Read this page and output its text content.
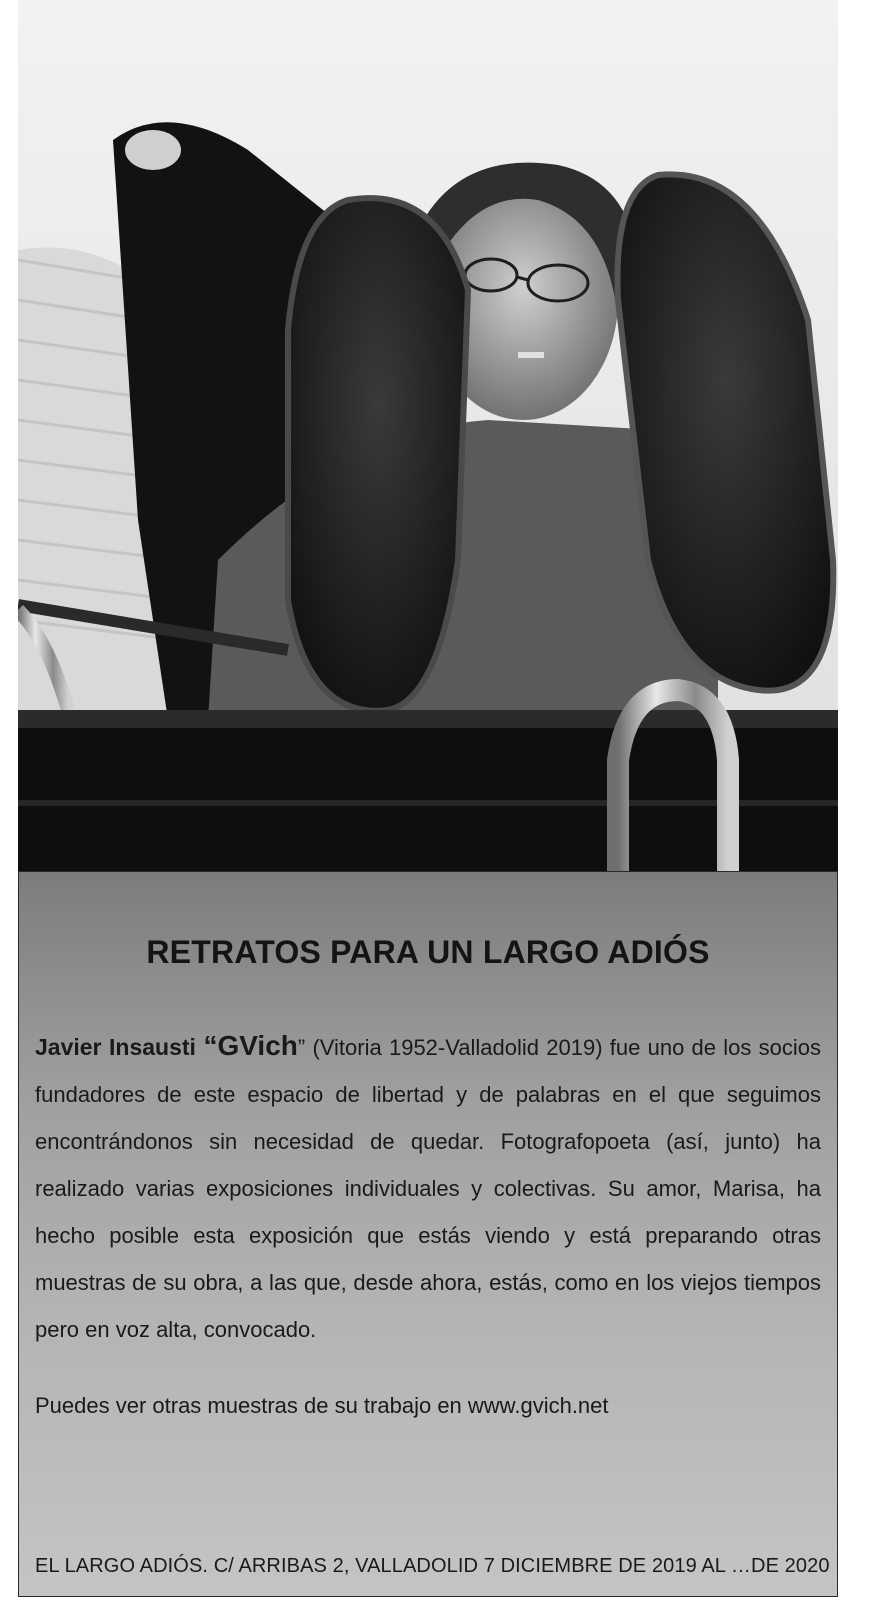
RETRATOS PARA UN LARGO ADIÓS

Javier Insausti “GVich” (Vitoria 1952-Valladolid 2019) fue uno de los socios fundadores de este espacio de libertad y de palabras en el que seguimos encontrándonos sin necesidad de quedar. Fotografopoeta (así, junto) ha realizado varias exposiciones individuales y colectivas. Su amor, Marisa, ha hecho posible esta exposición que estás viendo y está preparando otras muestras de su obra, a las que, desde ahora, estás, como en los viejos tiempos pero en voz alta, convocado.

Puedes ver otras muestras de su trabajo en www.gvich.net
EL LARGO ADIÓS. C/ ARRIBAS 2, VALLADOLID 7 DICIEMBRE DE 2019 AL …DE 2020
